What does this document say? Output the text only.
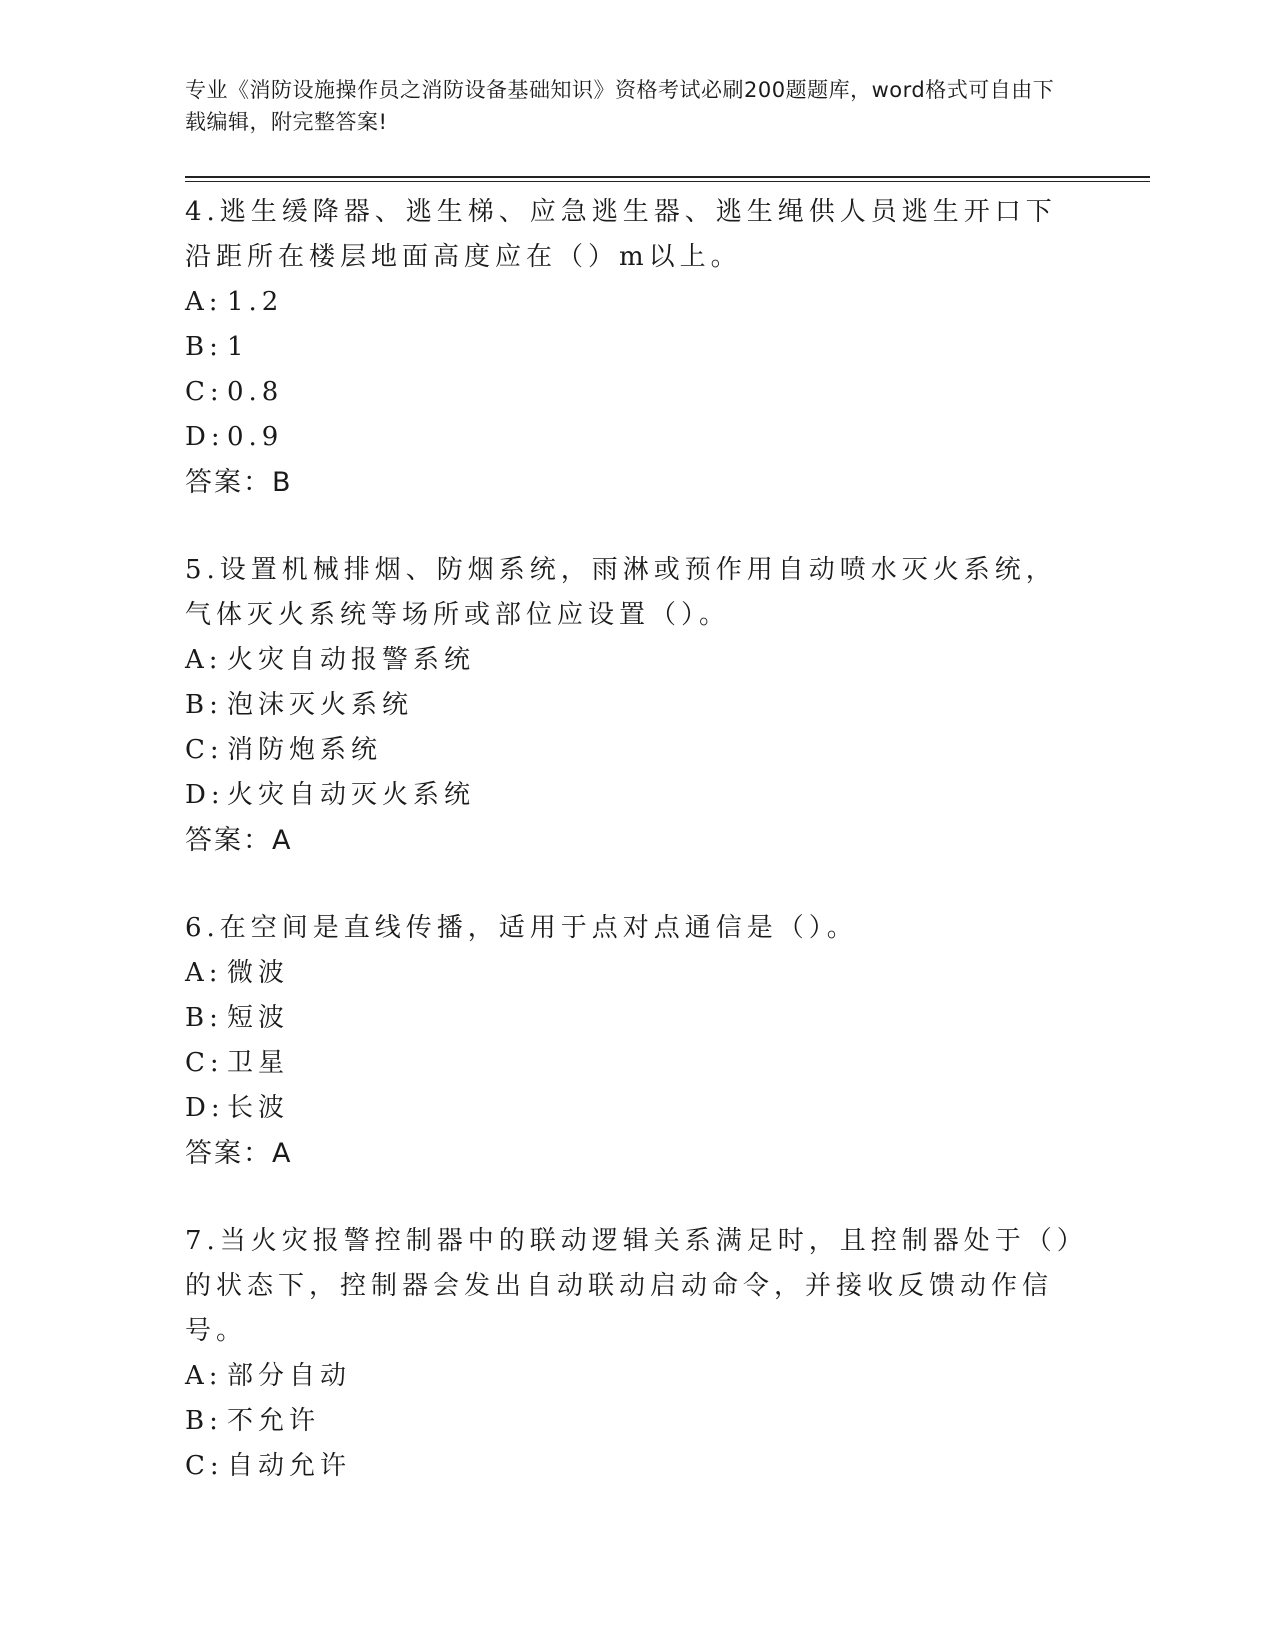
专业《消防设施操作员之消防设备基础知识》资格考试必刷200题题库，word格式可自由下载编辑，附完整答案!

4.逃生缓降器、逃生梯、应急逃生器、逃生绳供人员逃生开口下沿距所在楼层地面高度应在（）m以上。

A: 1.2
B: 1
C: 0.8
D: 0.9
答案：B

5.设置机械排烟、防烟系统，雨淋或预作用自动喷水灭火系统，气体灭火系统等场所或部位应设置（）。

A: 火灾自动报警系统
B: 泡沫灭火系统
C: 消防炮系统
D: 火灾自动灭火系统
答案：A

6.在空间是直线传播，适用于点对点通信是（）。

A: 微波
B: 短波
C: 卫星
D: 长波
答案：A

7.当火灾报警控制器中的联动逻辑关系满足时，且控制器处于（）的状态下，控制器会发出自动联动启动命令，并接收反馈动作信号。

A: 部分自动
B: 不允许
C: 自动允许
